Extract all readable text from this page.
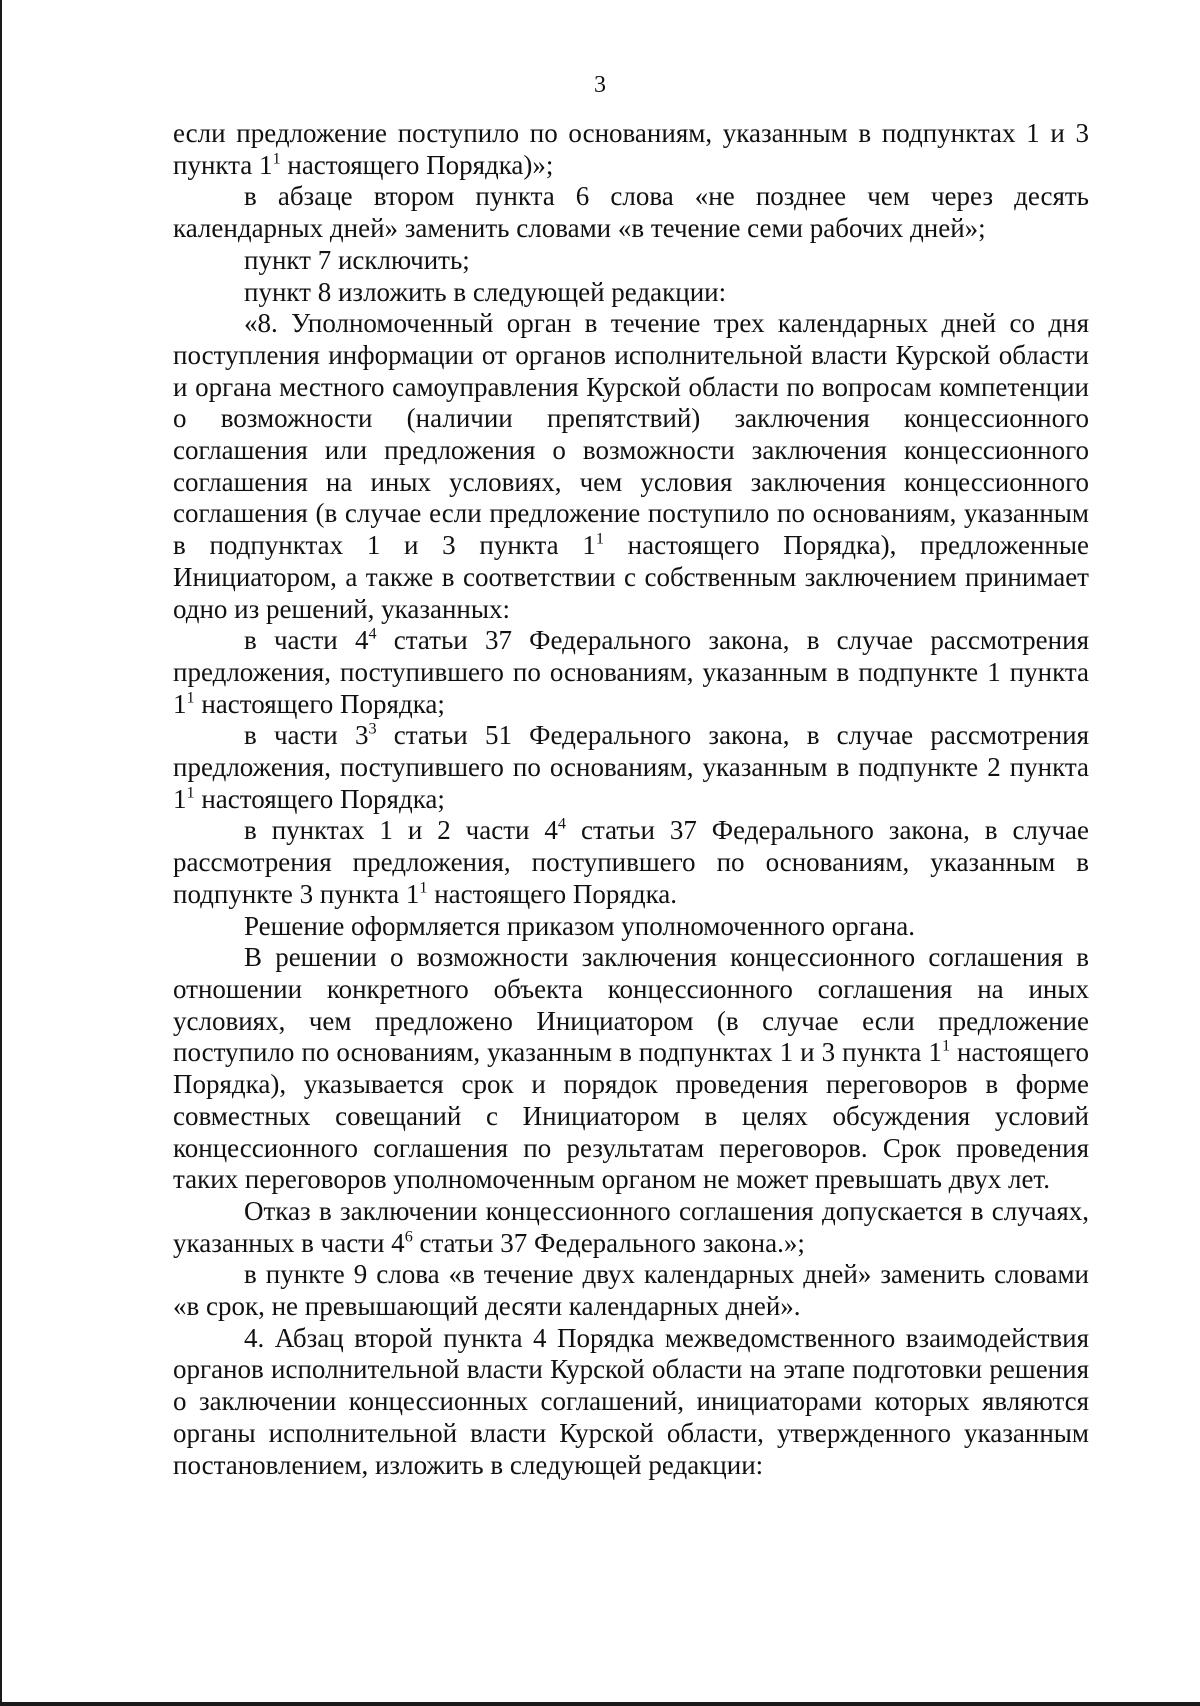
3

если предложение поступило по основаниям, указанным в подпунктах 1 и 3 пункта $1^1$ настоящего Порядка)»;

в абзаце втором пункта 6 слова «не позднее чем через десять календарных дней» заменить словами «в течение семи рабочих дней»;

пункт 7 исключить;

пункт 8 изложить в следующей редакции:

«8. Уполномоченный орган в течение трех календарных дней со дня поступления информации от органов исполнительной власти Курской области и органа местного самоуправления Курской области по вопросам компетенции о возможности (наличии препятствий) заключения концессионного соглашения или предложения о возможности заключения концессионного соглашения на иных условиях, чем условия заключения концессионного соглашения (в случае если предложение поступило по основаниям, указанным в подпунктах 1 и 3 пункта $1^1$ настоящего Порядка), предложенные Инициатором, а также в соответствии с собственным заключением принимает одно из решений, указанных:

в части $4^4$ статьи 37 Федерального закона, в случае рассмотрения предложения, поступившего по основаниям, указанным в подпункте 1 пункта $1^1$ настоящего Порядка;

в части $3^3$ статьи 51 Федерального закона, в случае рассмотрения предложения, поступившего по основаниям, указанным в подпункте 2 пункта $1^1$ настоящего Порядка;

в пунктах 1 и 2 части $4^4$ статьи 37 Федерального закона, в случае рассмотрения предложения, поступившего по основаниям, указанным в подпункте 3 пункта $1^1$ настоящего Порядка.

Решение оформляется приказом уполномоченного органа.

В решении о возможности заключения концессионного соглашения в отношении конкретного объекта концессионного соглашения на иных условиях, чем предложено Инициатором (в случае если предложение поступило по основаниям, указанным в подпунктах 1 и 3 пункта $1^1$ настоящего Порядка), указывается срок и порядок проведения переговоров в форме совместных совещаний с Инициатором в целях обсуждения условий концессионного соглашения по результатам переговоров. Срок проведения таких переговоров уполномоченным органом не может превышать двух лет.

Отказ в заключении концессионного соглашения допускается в случаях, указанных в части $4^6$ статьи 37 Федерального закона.»;

в пункте 9 слова «в течение двух календарных дней» заменить словами «в срок, не превышающий десяти календарных дней».

4. Абзац второй пункта 4 Порядка межведомственного взаимодействия органов исполнительной власти Курской области на этапе подготовки решения о заключении концессионных соглашений, инициаторами которых являются органы исполнительной власти Курской области, утвержденного указанным постановлением, изложить в следующей редакции:
